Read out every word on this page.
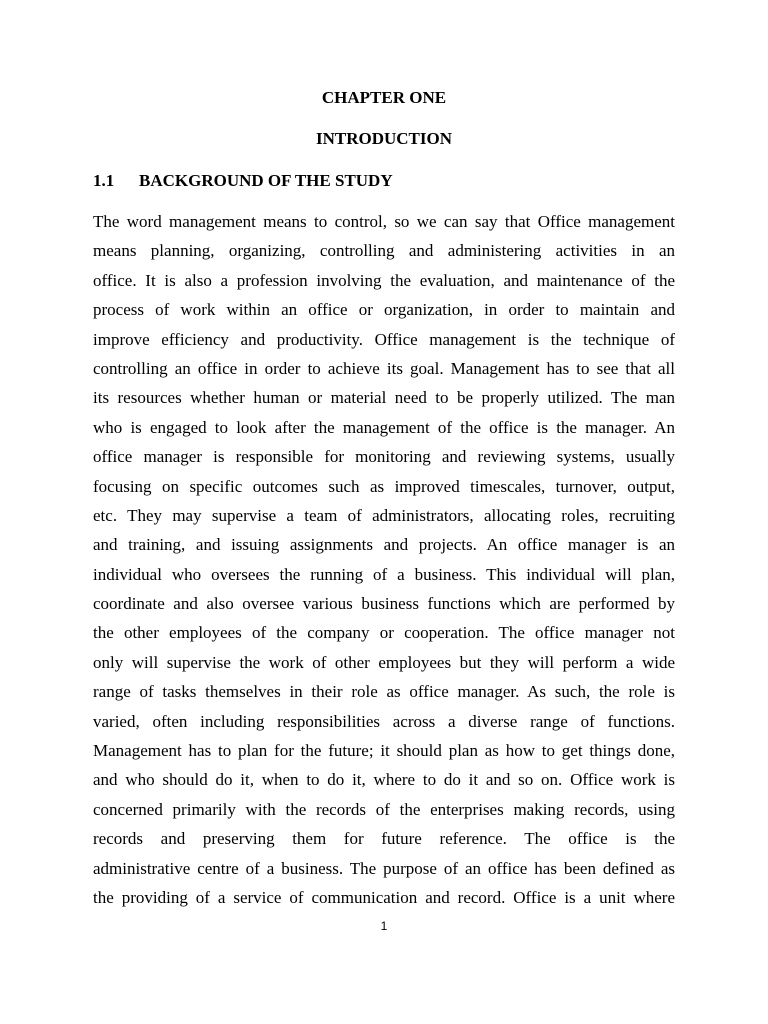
CHAPTER ONE
INTRODUCTION
1.1 BACKGROUND OF THE STUDY
The word management means to control, so we can say that Office management
means planning, organizing, controlling and administering activities in an
office. It is also a profession involving the evaluation, and maintenance of the
process of work within an office or organization, in order to maintain and
improve efficiency and productivity. Office management is the technique of
controlling an office in order to achieve its goal. Management has to see that all
its resources whether human or material need to be properly utilized. The man
who is engaged to look after the management of the office is the manager. An
office manager is responsible for monitoring and reviewing systems, usually
focusing on specific outcomes such as improved timescales, turnover, output,
etc. They may supervise a team of administrators, allocating roles, recruiting
and training, and issuing assignments and projects. An office manager is an
individual who oversees the running of a business. This individual will plan,
coordinate and also oversee various business functions which are performed by
the other employees of the company or cooperation. The office manager not
only will supervise the work of other employees but they will perform a wide
range of tasks themselves in their role as office manager. As such, the role is
varied, often including responsibilities across a diverse range of functions.
Management has to plan for the future; it should plan as how to get things done,
and who should do it, when to do it, where to do it and so on. Office work is
concerned primarily with the records of the enterprises making records, using
records and preserving them for future reference. The office is the
administrative centre of a business. The purpose of an office has been defined as
the providing of a service of communication and record. Office is a unit where
1
